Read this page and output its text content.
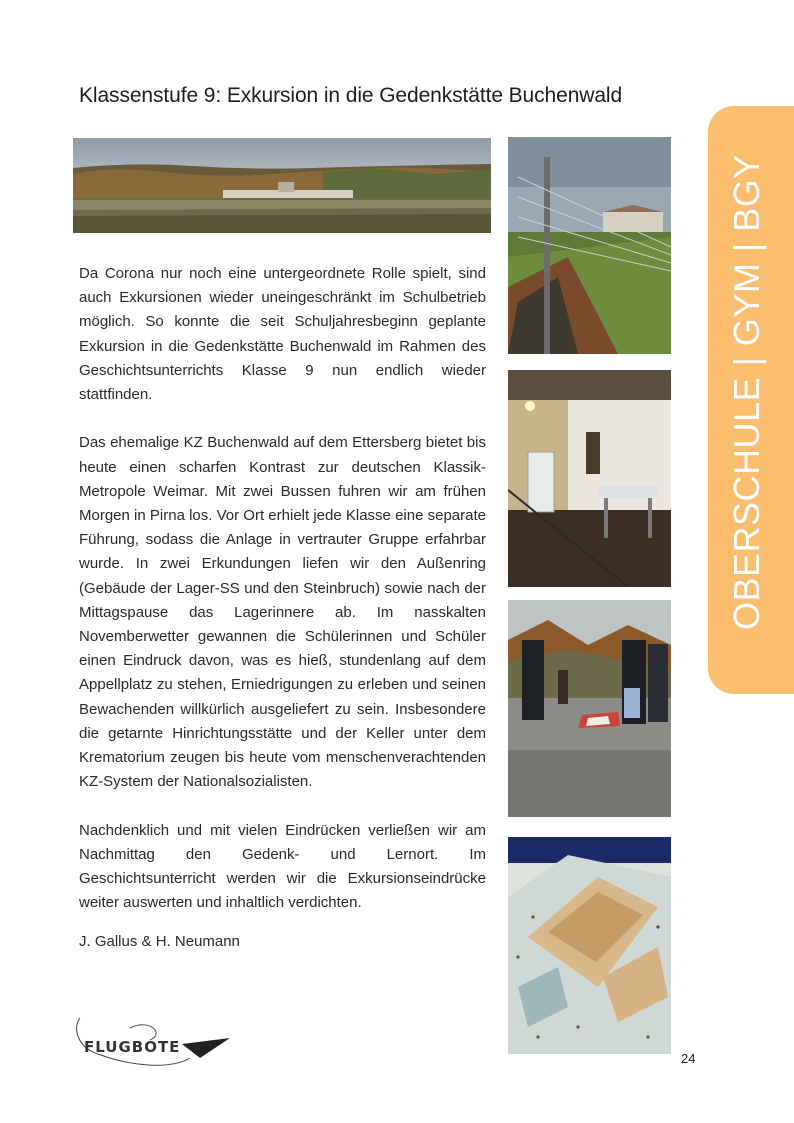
Klassenstufe 9: Exkursion in die Gedenkstätte Buchenwald

Da Corona nur noch eine untergeordnete Rolle spielt, sind auch Exkursionen wieder uneingeschränkt im Schulbetrieb möglich. So konnte die seit Schuljahresbeginn geplante Exkursion in die Gedenkstätte Buchenwald im Rahmen des Geschichtsunterrichts Klasse 9 nun endlich wieder stattfinden.

Das ehemalige KZ Buchenwald auf dem Ettersberg bietet bis heute einen scharfen Kontrast zur deutschen Klassik-Metropole Weimar. Mit zwei Bussen fuhren wir am frühen Morgen in Pirna los. Vor Ort erhielt jede Klasse eine separate Führung, sodass die Anlage in vertrauter Gruppe erfahrbar wurde. In zwei Erkundungen liefen wir den Außenring (Gebäude der Lager-SS und den Steinbruch) sowie nach der Mittagspause das Lagerinnere ab. Im nasskalten Novemberwetter gewannen die Schülerinnen und Schüler einen Eindruck davon, was es hieß, stundenlang auf dem Appellplatz zu stehen, Erniedrigungen zu erleben und seinen Bewachenden willkürlich ausgeliefert zu sein. Insbesondere die getarnte Hinrichtungsstätte und der Keller unter dem Krematorium zeugen bis heute vom menschenverachtenden KZ-System der Nationalsozialisten.

Nachdenklich und mit vielen Eindrücken verließen wir am Nachmittag den Gedenk- und Lernort. Im Geschichtsunterricht werden wir die Exkursionseindrücke weiter auswerten und inhaltlich verdichten.

J. Gallus & H. Neumann
OBERSCHULE | GYM | BGY
FLUGBOTE
24
